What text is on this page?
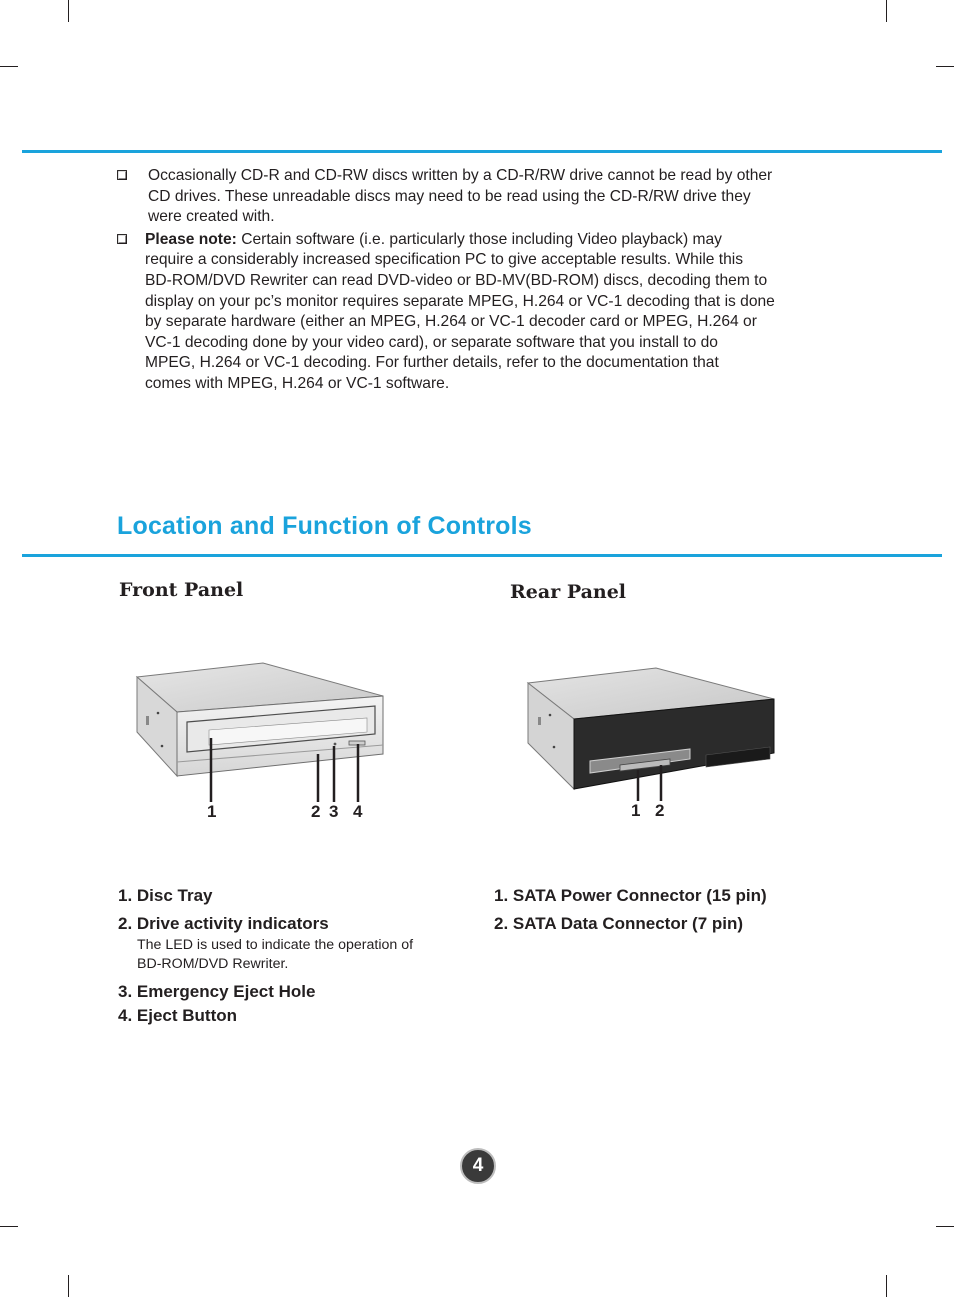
Occasionally CD-R and CD-RW discs written by a CD-R/RW drive cannot be read by other
CD drives. These unreadable discs may need to be read using the CD-R/RW drive they
were created with.
Please note: Certain software (i.e. particularly those including Video playback) may
require a considerably increased specification PC to give acceptable results. While this
BD-ROM/DVD Rewriter can read DVD-video or BD-MV(BD-ROM) discs, decoding them to
display on your pc’s monitor requires separate MPEG, H.264 or VC-1 decoding that is done
by separate hardware (either an MPEG, H.264 or VC-1 decoder card or MPEG, H.264 or
VC-1 decoding done by your video card), or separate software that you install to do
MPEG, H.264 or VC-1 decoding. For further details, refer to the documentation that
comes with MPEG, H.264 or VC-1 software.
Location and Function of Controls
Front Panel	Rear Panel
1	2 3 4	1 2
1. Disc Tray
2. Drive activity indicators
The LED is used to indicate the operation of
BD-ROM/DVD Rewriter.
3. Emergency Eject Hole
4. Eject Button
1. SATA Power Connector (15 pin)
2. SATA Data Connector (7 pin)
4
